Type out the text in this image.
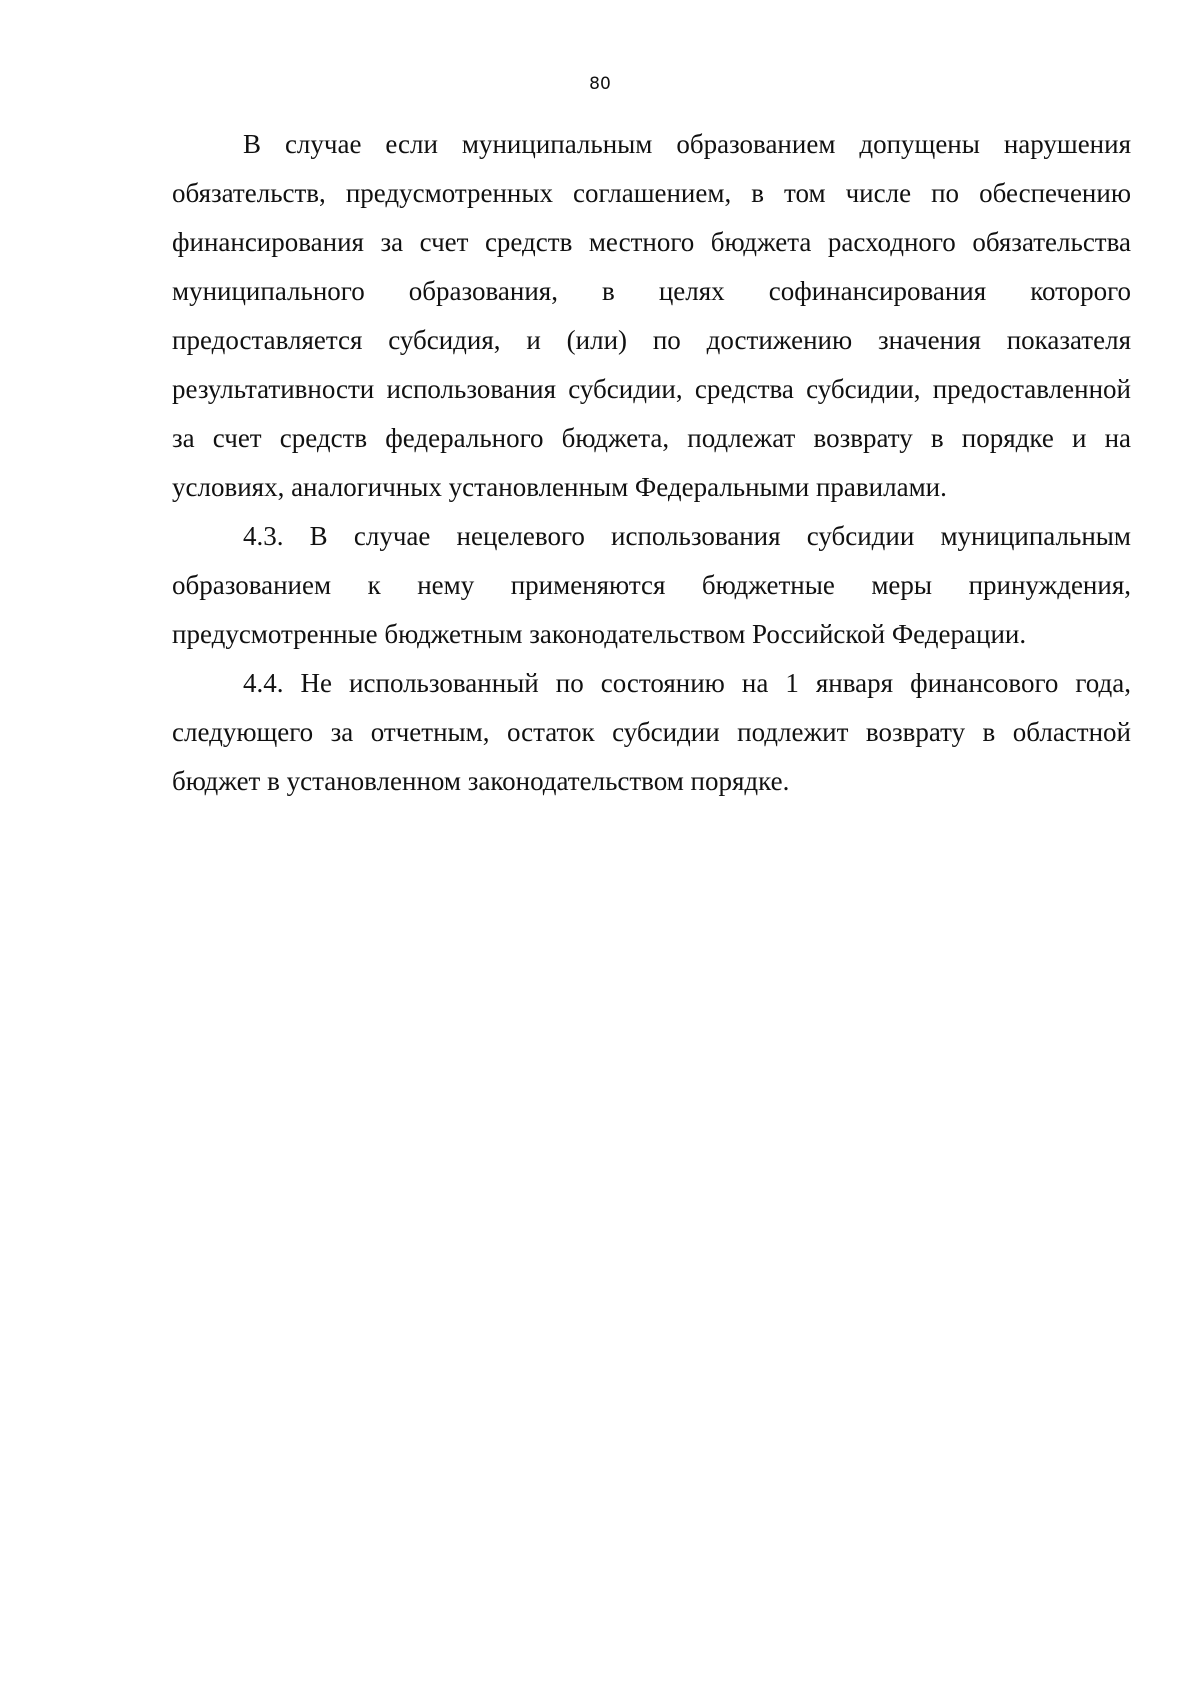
80

В случае если муниципальным образованием допущены нарушения обязательств, предусмотренных соглашением, в том числе по обеспечению финансирования за счет средств местного бюджета расходного обязательства муниципального образования, в целях софинансирования которого предоставляется субсидия, и (или) по достижению значения показателя результативности использования субсидии, средства субсидии, предоставленной за счет средств федерального бюджета, подлежат возврату в порядке и на условиях, аналогичных установленным Федеральными правилами.

4.3. В случае нецелевого использования субсидии муниципальным образованием к нему применяются бюджетные меры принуждения, предусмотренные бюджетным законодательством Российской Федерации.

4.4. Не использованный по состоянию на 1 января финансового года, следующего за отчетным, остаток субсидии подлежит возврату в областной бюджет в установленном законодательством порядке.
